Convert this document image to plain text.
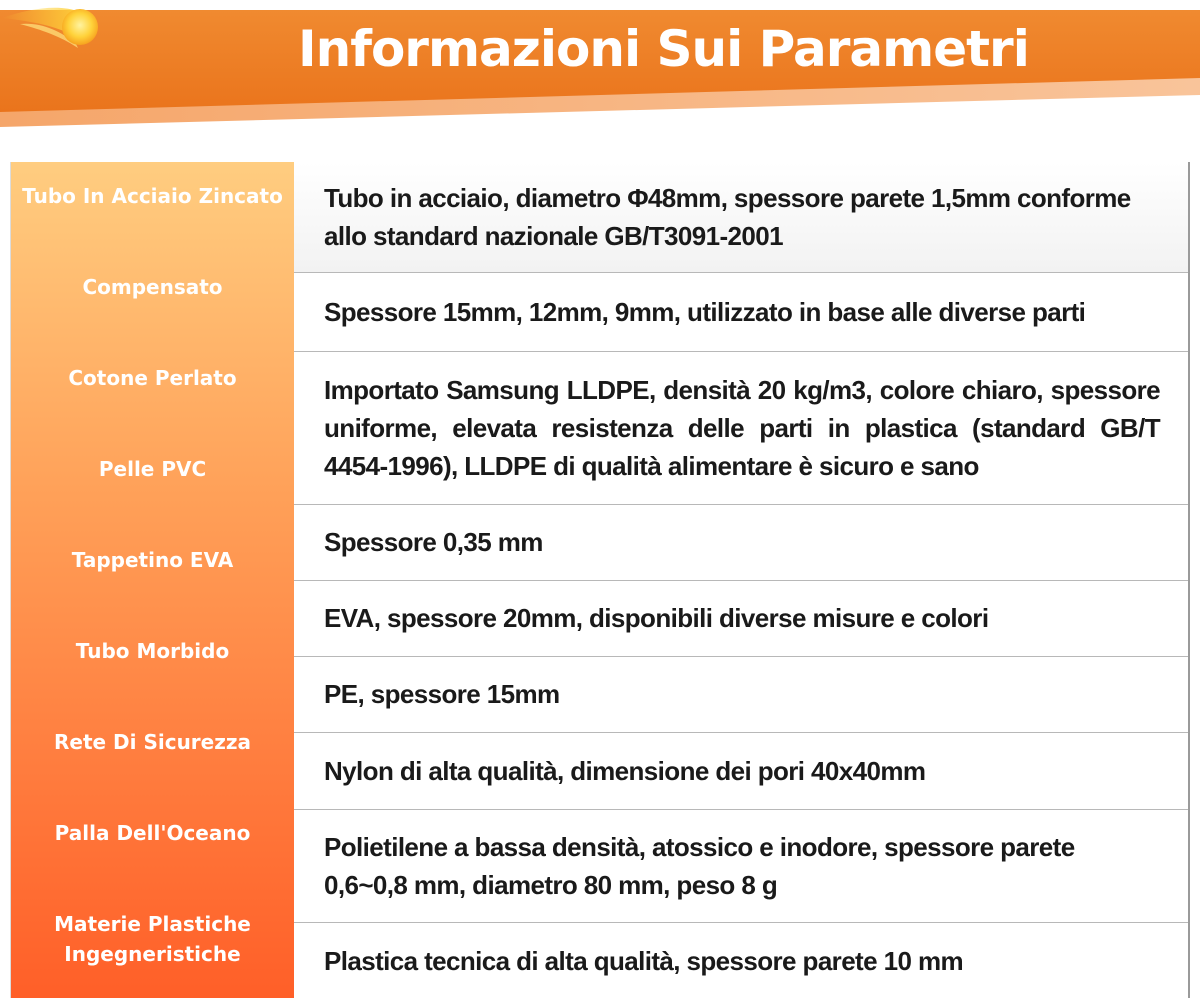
Informazioni Sui Parametri
Tubo In Acciaio Zincato
Compensato
Cotone Perlato
Pelle PVC
Tappetino EVA
Tubo Morbido
Rete Di Sicurezza
Palla Dell'Oceano
Materie Plastiche
Ingegneristiche
Tubo in acciaio, diametro Φ48mm, spessore parete 1,5mm conforme allo standard nazionale GB/T3091-2001
Spessore 15mm, 12mm, 9mm, utilizzato in base alle diverse parti
Importato Samsung LLDPE, densità 20 kg/m3, colore chiaro, spessore uniforme, elevata resistenza delle parti in plastica (standard GB/T 4454-1996), LLDPE di qualità alimentare è sicuro e sano
Spessore 0,35 mm
EVA, spessore 20mm, disponibili diverse misure e colori
PE, spessore 15mm
Nylon di alta qualità, dimensione dei pori 40x40mm
Polietilene a bassa densità, atossico e inodore, spessore parete 0,6~0,8 mm, diametro 80 mm, peso 8 g
Plastica tecnica di alta qualità, spessore parete 10 mm
